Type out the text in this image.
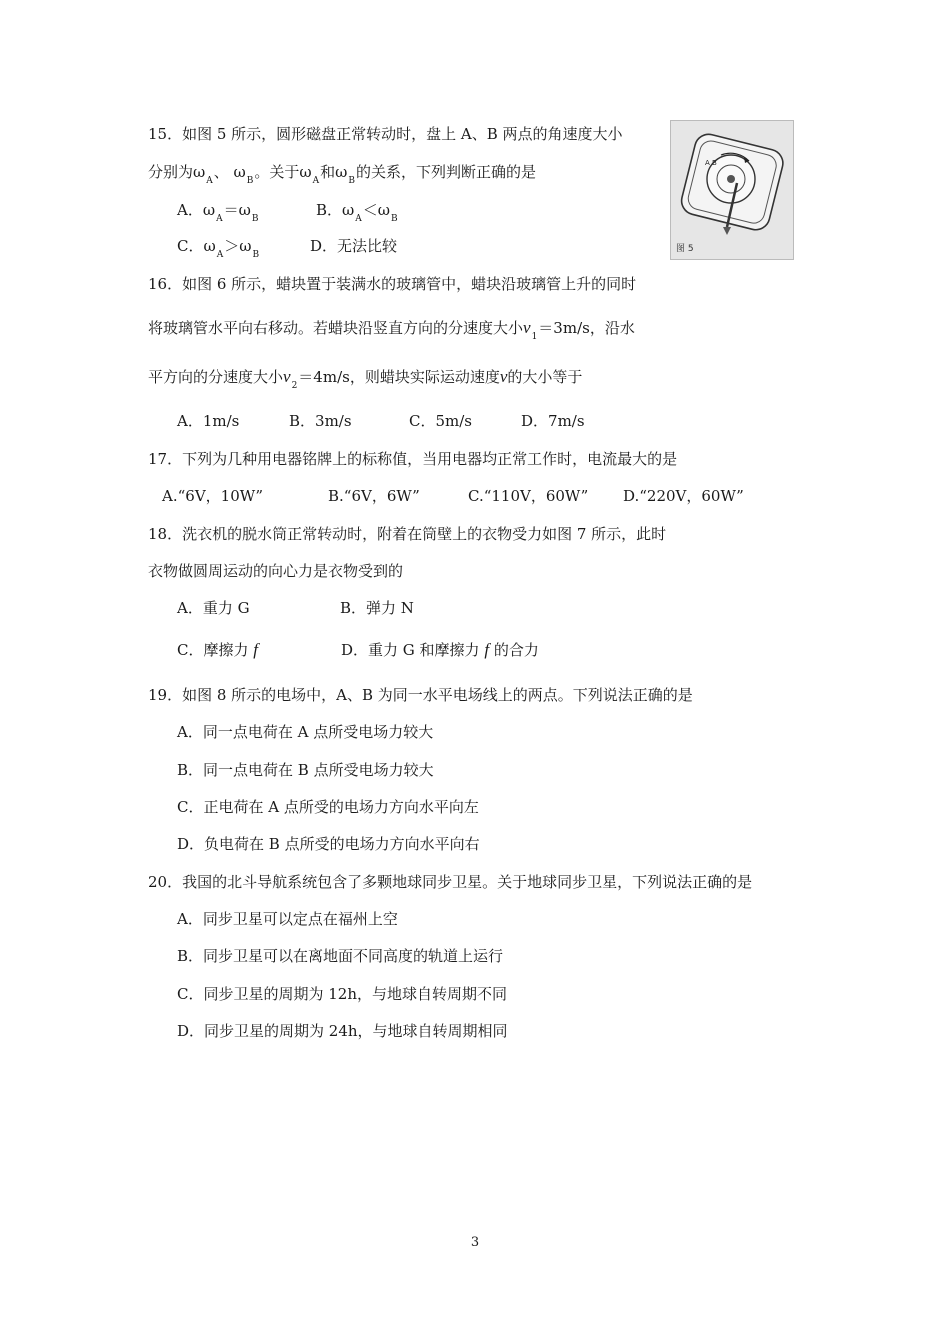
15．如图 5 所示，圆形磁盘正常转动时，盘上 A、B 两点的角速度大小
分别为$\omega_A$、 $\omega_B$。关于$\omega_A$和$\omega_B$的关系，下列判断正确的是
A．$\omega_A=\omega_B$	B．$\omega_A<\omega_B$
C．$\omega_A>\omega_B$	D．无法比较
A B
图 5
16．如图 6 所示，蜡块置于装满水的玻璃管中，蜡块沿玻璃管上升的同时
将玻璃管水平向右移动。若蜡块沿竖直方向的分速度大小$v_1=3m/s$，沿水
平方向的分速度大小$v_2=4m/s$，则蜡块实际运动速度v的大小等于
A．1m/s	B．3m/s	C．5m/s	D．7m/s
17．下列为几种用电器铭牌上的标称值，当用电器均正常工作时，电流最大的是
A.“6V，10W”	B.“6V，6W”	C.“110V，60W” D.“220V，60W”
18．洗衣机的脱水筒正常转动时，附着在筒壁上的衣物受力如图 7 所示，此时
衣物做圆周运动的向心力是衣物受到的
A．重力 G	B．弹力 N
C．摩擦力 f	D．重力 G 和摩擦力 f 的合力
19．如图 8 所示的电场中，A、B 为同一水平电场线上的两点。下列说法正确的是
A．同一点电荷在 A 点所受电场力较大
B．同一点电荷在 B 点所受电场力较大
C．正电荷在 A 点所受的电场力方向水平向左
D．负电荷在 B 点所受的电场力方向水平向右
20．我国的北斗导航系统包含了多颗地球同步卫星。关于地球同步卫星，下列说法正确的是
A．同步卫星可以定点在福州上空
B．同步卫星可以在离地面不同高度的轨道上运行
C．同步卫星的周期为 12h，与地球自转周期不同
D．同步卫星的周期为 24h，与地球自转周期相同
3
